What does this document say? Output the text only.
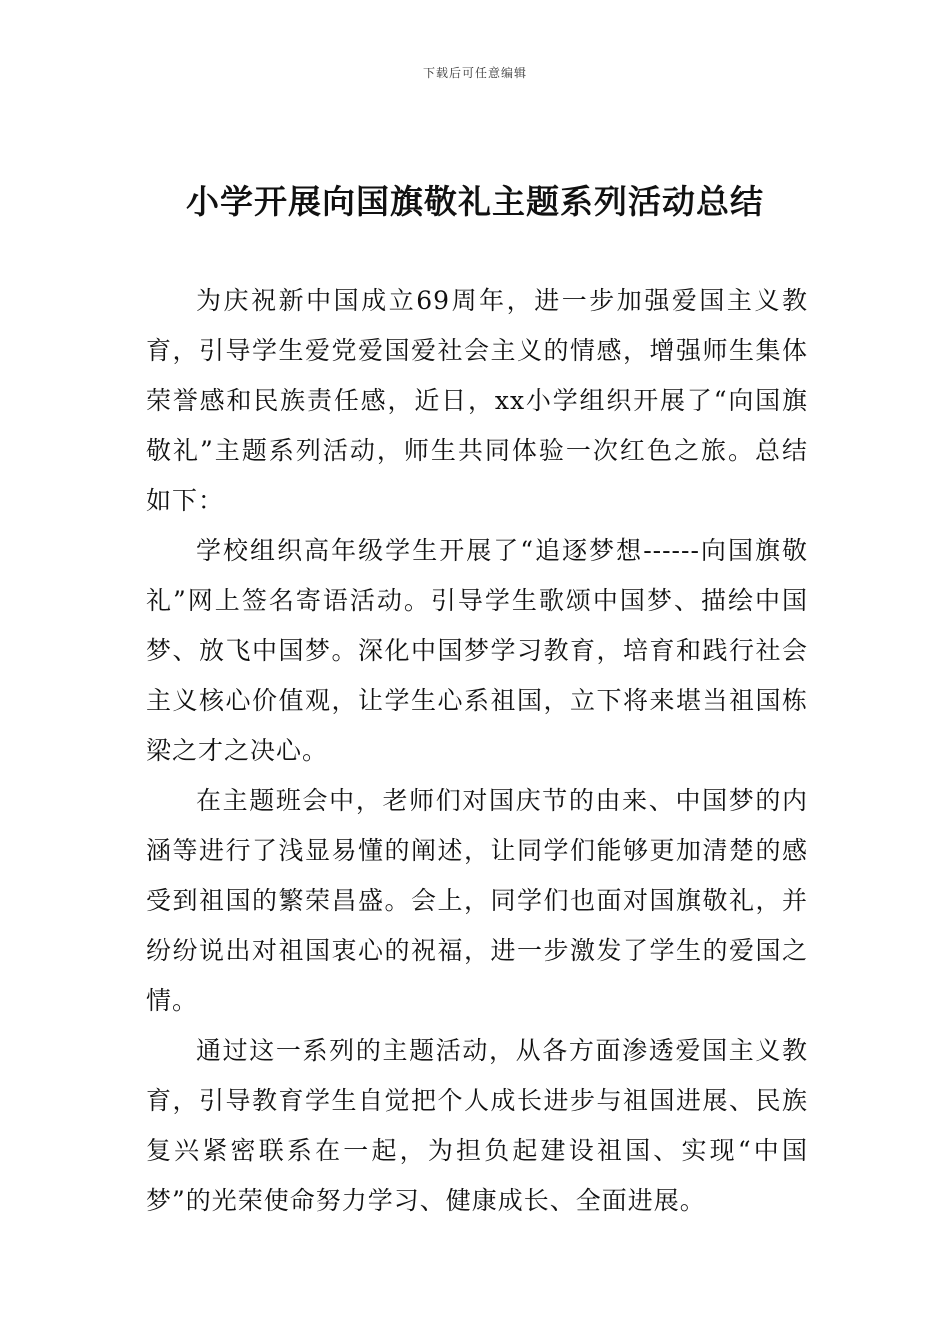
下载后可任意编辑
小学开展向国旗敬礼主题系列活动总结

为庆祝新中国成立69周年，进一步加强爱国主义教育，引导学生爱党爱国爱社会主义的情感，增强师生集体荣誉感和民族责任感，近日，xx小学组织开展了“向国旗敬礼”主题系列活动，师生共同体验一次红色之旅。总结如下：

学校组织高年级学生开展了“追逐梦想------向国旗敬礼”网上签名寄语活动。引导学生歌颂中国梦、描绘中国梦、放飞中国梦。深化中国梦学习教育，培育和践行社会主义核心价值观，让学生心系祖国，立下将来堪当祖国栋梁之才之决心。

在主题班会中，老师们对国庆节的由来、中国梦的内涵等进行了浅显易懂的阐述，让同学们能够更加清楚的感受到祖国的繁荣昌盛。会上，同学们也面对国旗敬礼，并纷纷说出对祖国衷心的祝福，进一步激发了学生的爱国之情。

通过这一系列的主题活动，从各方面渗透爱国主义教育，引导教育学生自觉把个人成长进步与祖国进展、民族复兴紧密联系在一起，为担负起建设祖国、实现“中国梦”的光荣使命努力学习、健康成长、全面进展。
